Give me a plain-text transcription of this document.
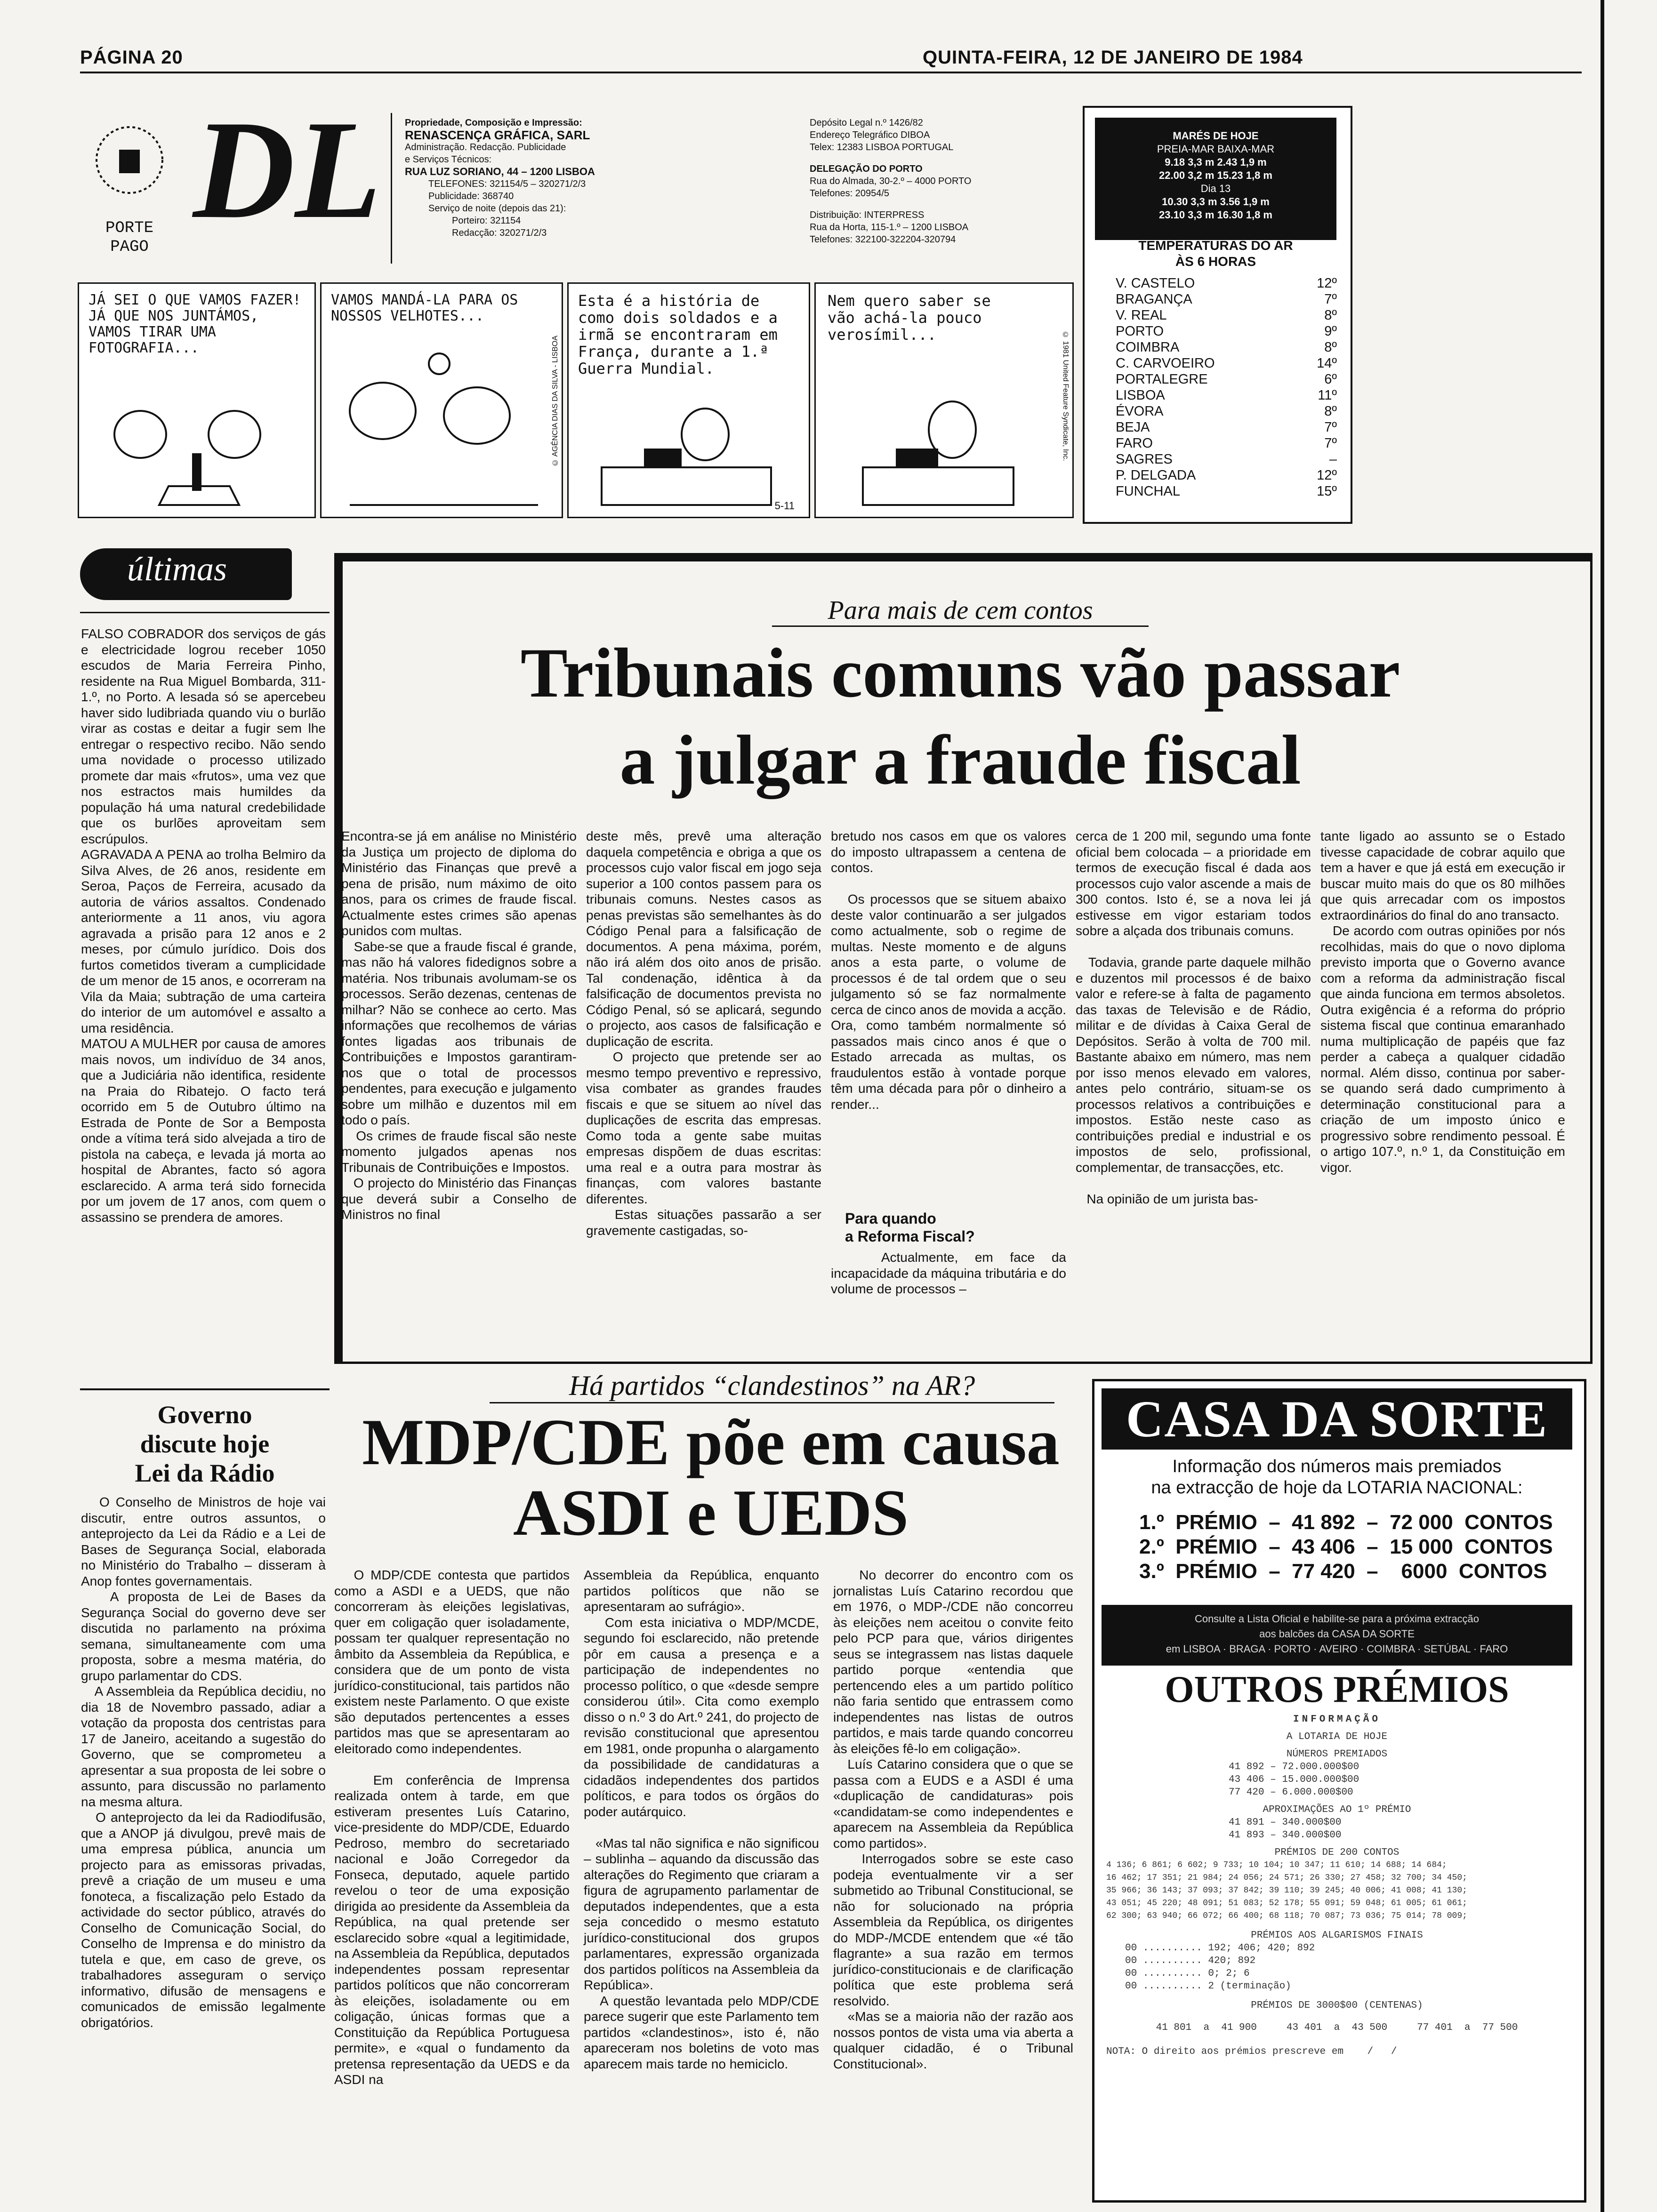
PÁGINA 20	QUINTA-FEIRA, 12 DE JANEIRO DE 1984
DL
PORTE
PAGO
Propriedade, Composição e Impressão:
RENASCENÇA GRÁFICA, SARL
Administração. Redacção. Publicidade
e Serviços Técnicos:
RUA LUZ SORIANO, 44 – 1200 LISBOA
TELEFONES: 321154/5 – 320271/2/3
Publicidade: 368740
Serviço de noite (depois das 21):
Porteiro: 321154
Redacção: 320271/2/3
Depósito Legal n.º 1426/82
Endereço Telegráfico DIBOA
Telex: 12383 LISBOA PORTUGAL
DELEGAÇÃO DO PORTO
Rua do Almada, 30-2.º – 4000 PORTO
Telefones: 20954/5
Distribuição: INTERPRESS
Rua da Horta, 115-1.º – 1200 LISBOA
Telefones: 322100-322204-320794
MARÉS DE HOJE
PREIA-MAR BAIXA-MAR
9.18 3,3 m 2.43 1,9 m
22.00 3,2 m 15.23 1,8 m
Dia 13
10.30 3,3 m 3.56 1,9 m
23.10 3,3 m 16.30 1,8 m
TEMPERATURAS DO AR
ÀS 6 HORAS
V. CASTELO	12º
BRAGANÇA	7º
V. REAL	8º
PORTO	9º
COIMBRA	8º
C. CARVOEIRO	14º
PORTALEGRE	6º
LISBOA	11º
ÉVORA	8º
BEJA	7º
FARO	7º
SAGRES	–
P. DELGADA	12º
FUNCHAL	15º
JÁ SEI O QUE VAMOS FAZER! JÁ QUE NOS JUNTÁMOS, VAMOS TIRAR UMA FOTOGRAFIA...
VAMOS MANDÁ-LA PARA OS NOSSOS VELHOTES...
© AGÊNCIA DIAS DA SILVA - LISBOA
Esta é a história de como dois soldados e a irmã se encontraram em França, durante a 1.ª Guerra Mundial.
5-11
Nem quero saber se vão achá-la pouco verosímil...	© 1981 United Feature Syndicate, Inc.
últimas
FALSO COBRADOR dos serviços de gás e electricidade logrou receber 1050 escudos de Maria Ferreira Pinho, residente na Rua Miguel Bombarda, 311-1.º, no Porto. A lesada só se apercebeu haver sido ludibriada quando viu o burlão virar as costas e deitar a fugir sem lhe entregar o respectivo recibo. Não sendo uma novidade o processo utilizado promete dar mais «frutos», uma vez que nos estractos mais humildes da população há uma natural credebilidade que os burlões aproveitam sem escrúpulos.
AGRAVADA A PENA ao trolha Belmiro da Silva Alves, de 26 anos, residente em Seroa, Paços de Ferreira, acusado da autoria de vários assaltos. Condenado anteriormente a 11 anos, viu agora agravada a prisão para 12 anos e 2 meses, por cúmulo jurídico. Dois dos furtos cometidos tiveram a cumplicidade de um menor de 15 anos, e ocorreram na Vila da Maia; subtração de uma carteira do interior de um automóvel e assalto a uma residência.
MATOU A MULHER por causa de amores mais novos, um indivíduo de 34 anos, que a Judiciária não identifica, residente na Praia do Ribatejo. O facto terá ocorrido em 5 de Outubro último na Estrada de Ponte de Sor a Bemposta onde a vítima terá sido alvejada a tiro de pistola na cabeça, e levada já morta ao hospital de Abrantes, facto só agora esclarecido. A arma terá sido fornecida por um jovem de 17 anos, com quem o assassino se prendera de amores.
Para mais de cem contos
Tribunais comuns vão passar
a julgar a fraude fiscal
Encontra-se já em análise no Ministério da Justiça um projecto de diploma do Ministério das Finanças que prevê a pena de prisão, num máximo de oito anos, para os crimes de fraude fiscal. Actualmente estes crimes são apenas punidos com multas.
Sabe-se que a fraude fiscal é grande, mas não há valores fidedignos sobre a matéria. Nos tribunais avolumam-se os processos. Serão dezenas, centenas de milhar? Não se conhece ao certo. Mas informações que recolhemos de várias fontes ligadas aos tribunais de Contribuições e Impostos garantiram-nos que o total de processos pendentes, para execução e julgamento sobre um milhão e duzentos mil em todo o país.
Os crimes de fraude fiscal são neste momento julgados apenas nos Tribunais de Contribuições e Impostos.
O projecto do Ministério das Finanças que deverá subir a Conselho de Ministros no final
deste mês, prevê uma alteração daquela competência e obriga a que os processos cujo valor fiscal em jogo seja superior a 100 contos passem para os tribunais comuns. Nestes casos as penas previstas são semelhantes às do Código Penal para a falsificação de documentos. A pena máxima, porém, não irá além dos oito anos de prisão. Tal condenação, idêntica à da falsificação de documentos prevista no Código Penal, só se aplicará, segundo o projecto, aos casos de falsificação e duplicação de escrita.
O projecto que pretende ser ao mesmo tempo preventivo e repressivo, visa combater as grandes fraudes fiscais e que se situem ao nível das duplicações de escrita das empresas. Como toda a gente sabe muitas empresas dispõem de duas escritas: uma real e a outra para mostrar às finanças, com valores bastante diferentes.
Estas situações passarão a ser gravemente castigadas, so-
bretudo nos casos em que os valores do imposto ultrapassem a centena de contos.

Os processos que se situem abaixo deste valor continuarão a ser julgados como actualmente, sob o regime de multas. Neste momento e de alguns anos a esta parte, o volume de processos é de tal ordem que o seu julgamento só se faz normalmente cerca de cinco anos de movida a acção. Ora, como também normalmente só passados mais cinco anos é que o Estado arrecada as multas, os fraudulentos estão à vontade porque têm uma década para pôr o dinheiro a render...
Para quando
a Reforma Fiscal?
Actualmente, em face da incapacidade da máquina tributária e do volume de processos –
cerca de 1 200 mil, segundo uma fonte oficial bem colocada – a prioridade em termos de execução fiscal é dada aos processos cujo valor ascende a mais de 300 contos. Isto é, se a nova lei já estivesse em vigor estariam todos sobre a alçada dos tribunais comuns.

Todavia, grande parte daquele milhão e duzentos mil processos é de baixo valor e refere-se à falta de pagamento das taxas de Televisão e de Rádio, militar e de dívidas à Caixa Geral de Depósitos. Serão à volta de 700 mil. Bastante abaixo em número, mas nem por isso menos elevado em valores, antes pelo contrário, situam-se os processos relativos a contribuições e impostos. Estão neste caso as contribuições predial e industrial e os impostos de selo, profissional, complementar, de transacções, etc.

Na opinião de um jurista bas-
tante ligado ao assunto se o Estado tivesse capacidade de cobrar aquilo que tem a haver e que já está em execução ir buscar muito mais do que os 80 milhões que quis arrecadar com os impostos extraordinários do final do ano transacto.
De acordo com outras opiniões por nós recolhidas, mais do que o novo diploma previsto importa que o Governo avance com a reforma da administração fiscal que ainda funciona em termos absoletos. Outra exigência é a reforma do próprio sistema fiscal que continua emaranhado numa multiplicação de papéis que faz perder a cabeça a qualquer cidadão normal. Além disso, continua por saber-se quando será dado cumprimento à determinação constitucional para a criação de um imposto único e progressivo sobre rendimento pessoal. É o artigo 107.º, n.º 1, da Constituição em vigor.
Governo
discute hoje
Lei da Rádio
O Conselho de Ministros de hoje vai discutir, entre outros assuntos, o anteprojecto da Lei da Rádio e a Lei de Bases de Segurança Social, elaborada no Ministério do Trabalho – disseram à Anop fontes governamentais.
A proposta de Lei de Bases da Segurança Social do governo deve ser discutida no parlamento na próxima semana, simultaneamente com uma proposta, sobre a mesma matéria, do grupo parlamentar do CDS.
A Assembleia da República decidiu, no dia 18 de Novembro passado, adiar a votação da proposta dos centristas para 17 de Janeiro, aceitando a sugestão do Governo, que se comprometeu a apresentar a sua proposta de lei sobre o assunto, para discussão no parlamento na mesma altura.
O anteprojecto da lei da Radiodifusão, que a ANOP já divulgou, prevê mais de uma empresa pública, anuncia um projecto para as emissoras privadas, prevê a criação de um museu e uma fonoteca, a fiscalização pelo Estado da actividade do sector público, através do Conselho de Comunicação Social, do Conselho de Imprensa e do ministro da tutela e que, em caso de greve, os trabalhadores asseguram o serviço informativo, difusão de mensagens e comunicados de emissão legalmente obrigatórios.
Há partidos “clandestinos” na AR?
MDP/CDE põe em causa
ASDI e UEDS
O MDP/CDE contesta que partidos como a ASDI e a UEDS, que não concorreram às eleições legislativas, quer em coligação quer isoladamente, possam ter qualquer representação no âmbito da Assembleia da República, e considera que de um ponto de vista jurídico-constitucional, tais partidos não existem neste Parlamento. O que existe são deputados pertencentes a esses partidos mas que se apresentaram ao eleitorado como independentes.

Em conferência de Imprensa realizada ontem à tarde, em que estiveram presentes Luís Catarino, vice-presidente do MDP/CDE, Eduardo Pedroso, membro do secretariado nacional e João Corregedor da Fonseca, deputado, aquele partido revelou o teor de uma exposição dirigida ao presidente da Assembleia da República, na qual pretende ser esclarecido sobre «qual a legitimidade, na Assembleia da República, deputados independentes possam representar partidos políticos que não concorreram às eleições, isoladamente ou em coligação, únicas formas que a Constituição da República Portuguesa permite», e «qual o fundamento da pretensa representação da UEDS e da ASDI na
Assembleia da República, enquanto partidos políticos que não se apresentaram ao sufrágio».
Com esta iniciativa o MDP/MCDE, segundo foi esclarecido, não pretende pôr em causa a presença e a participação de independentes no processo político, o que «desde sempre considerou útil». Cita como exemplo disso o n.º 3 do Art.º 241, do projecto de revisão constitucional que apresentou em 1981, onde propunha o alargamento da possibilidade de candidaturas a cidadãos independentes dos partidos políticos, e para todos os órgãos do poder autárquico.

«Mas tal não significa e não significou – sublinha – aquando da discussão das alterações do Regimento que criaram a figura de agrupamento parlamentar de deputados independentes, que a esta seja concedido o mesmo estatuto jurídico-constitucional dos grupos parlamentares, expressão organizada dos partidos políticos na Assembleia da República».
A questão levantada pelo MDP/CDE parece sugerir que este Parlamento tem partidos «clandestinos», isto é, não apareceram nos boletins de voto mas aparecem mais tarde no hemiciclo.
No decorrer do encontro com os jornalistas Luís Catarino recordou que em 1976, o MDP-/CDE não concorreu às eleições nem aceitou o convite feito pelo PCP para que, vários dirigentes seus se integrassem nas listas daquele partido porque «entendia que pertencendo eles a um partido político não faria sentido que entrassem como independentes nas listas de outros partidos, e mais tarde quando concorreu às eleições fê-lo em coligação».
Luís Catarino considera que o que se passa com a EUDS e a ASDI é uma «duplicação de candidaturas» pois «candidatam-se como independentes e aparecem na Assembleia da República como partidos».
Interrogados sobre se este caso podeja eventualmente vir a ser submetido ao Tribunal Constitucional, se não for solucionado na própria Assembleia da República, os dirigentes do MDP-/MCDE entendem que «é tão flagrante» a sua razão em termos jurídico-constitucionais e de clarificação política que este problema será resolvido.
«Mas se a maioria não der razão aos nossos pontos de vista uma via aberta a qualquer cidadão, é o Tribunal Constitucional».
CASA DA SORTE
Informação dos números mais premiados
na extracção de hoje da LOTARIA NACIONAL:
1.º  PRÉMIO  –  41 892  –  72 000  CONTOS
2.º  PRÉMIO  –  43 406  –  15 000  CONTOS
3.º  PRÉMIO  –  77 420  –    6000  CONTOS
Consulte a Lista Oficial e habilite-se para a próxima extracção
aos balcões da CASA DA SORTE
em LISBOA · BRAGA · PORTO · AVEIRO · COIMBRA · SETÚBAL · FARO
OUTROS PRÉMIOS
INFORMAÇÃO
A LOTARIA DE HOJE
NÚMEROS PREMIADOS
41 892 – 72.000.000$00
43 406 – 15.000.000$00
77 420 – 6.000.000$00
APROXIMAÇÕES AO 1º PRÉMIO
41 891 – 340.000$00
41 893 – 340.000$00
PRÉMIOS DE 200 CONTOS
4 136; 6 861; 6 602; 9 733; 10 104; 10 347; 11 610; 14 688; 14 684;
16 462; 17 351; 21 984; 24 056; 24 571; 26 330; 27 458; 32 700; 34 450;
35 966; 36 143; 37 093; 37 842; 39 110; 39 245; 40 006; 41 008; 41 130;
43 051; 45 220; 48 091; 51 083; 52 178; 55 091; 59 048; 61 005; 61 061;
62 300; 63 940; 66 072; 66 400; 68 118; 70 087; 73 036; 75 014; 78 009;
PRÉMIOS AOS ALGARISMOS FINAIS
00 .......... 192; 406; 420; 892
00 .......... 420; 892
00 .......... 0; 2; 6
00 .......... 2 (terminação)
PRÉMIOS DE 3000$00 (CENTENAS)
41 801  a  41 900     43 401  a  43 500     77 401  a  77 500
NOTA: O direito aos prémios prescreve em    /   /
